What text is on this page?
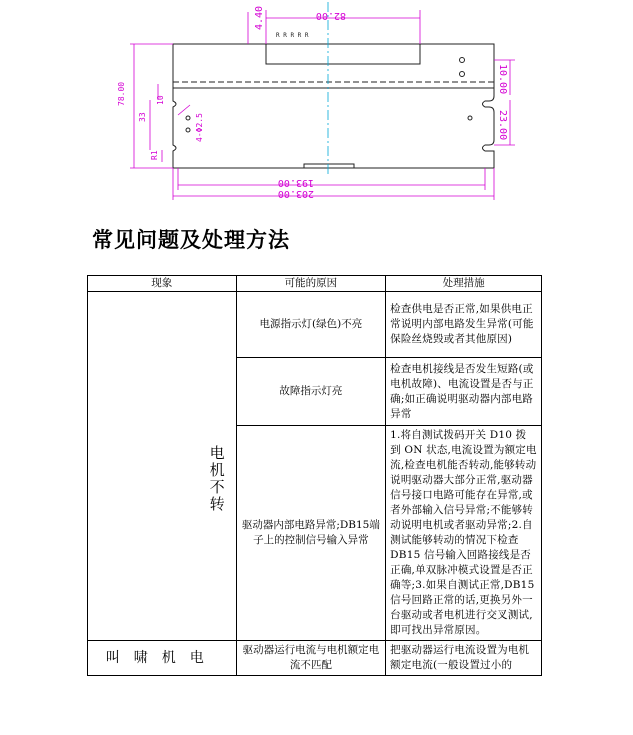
4.40	82.00
78.00	10
33	4-Φ2.5
R1
10.00
23.00
193.00
203.00
R R R R R
常见问题及处理方法
现象	可能的原因	处理措施
电机不转	电源指示灯(绿色)不亮	检查供电是否正常,如果供电正常说明内部电路发生异常(可能保险丝烧毁或者其他原因)
	故障指示灯亮	检查电机接线是否发生短路(或电机故障)、电流设置是否与正确;如正确说明驱动器内部电路异常
	驱动器内部电路异常;DB15端子上的控制信号输入异常	1.将自测试拨码开关 D10 拨到 ON 状态,电流设置为额定电流,检查电机能否转动,能够转动说明驱动器大部分正常,驱动器信号接口电路可能存在异常,或者外部输入信号异常;不能够转动说明电机或者驱动异常;2.自测试能够转动的情况下检查 DB15 信号输入回路接线是否正确,单双脉冲模式设置是否正确等;3.如果自测试正常,DB15 信号回路正常的话,更换另外一台驱动或者电机进行交叉测试,即可找出异常原因。
叫啸机电	驱动器运行电流与电机额定电流不匹配	把驱动器运行电流设置为电机额定电流(一般设置过小的
